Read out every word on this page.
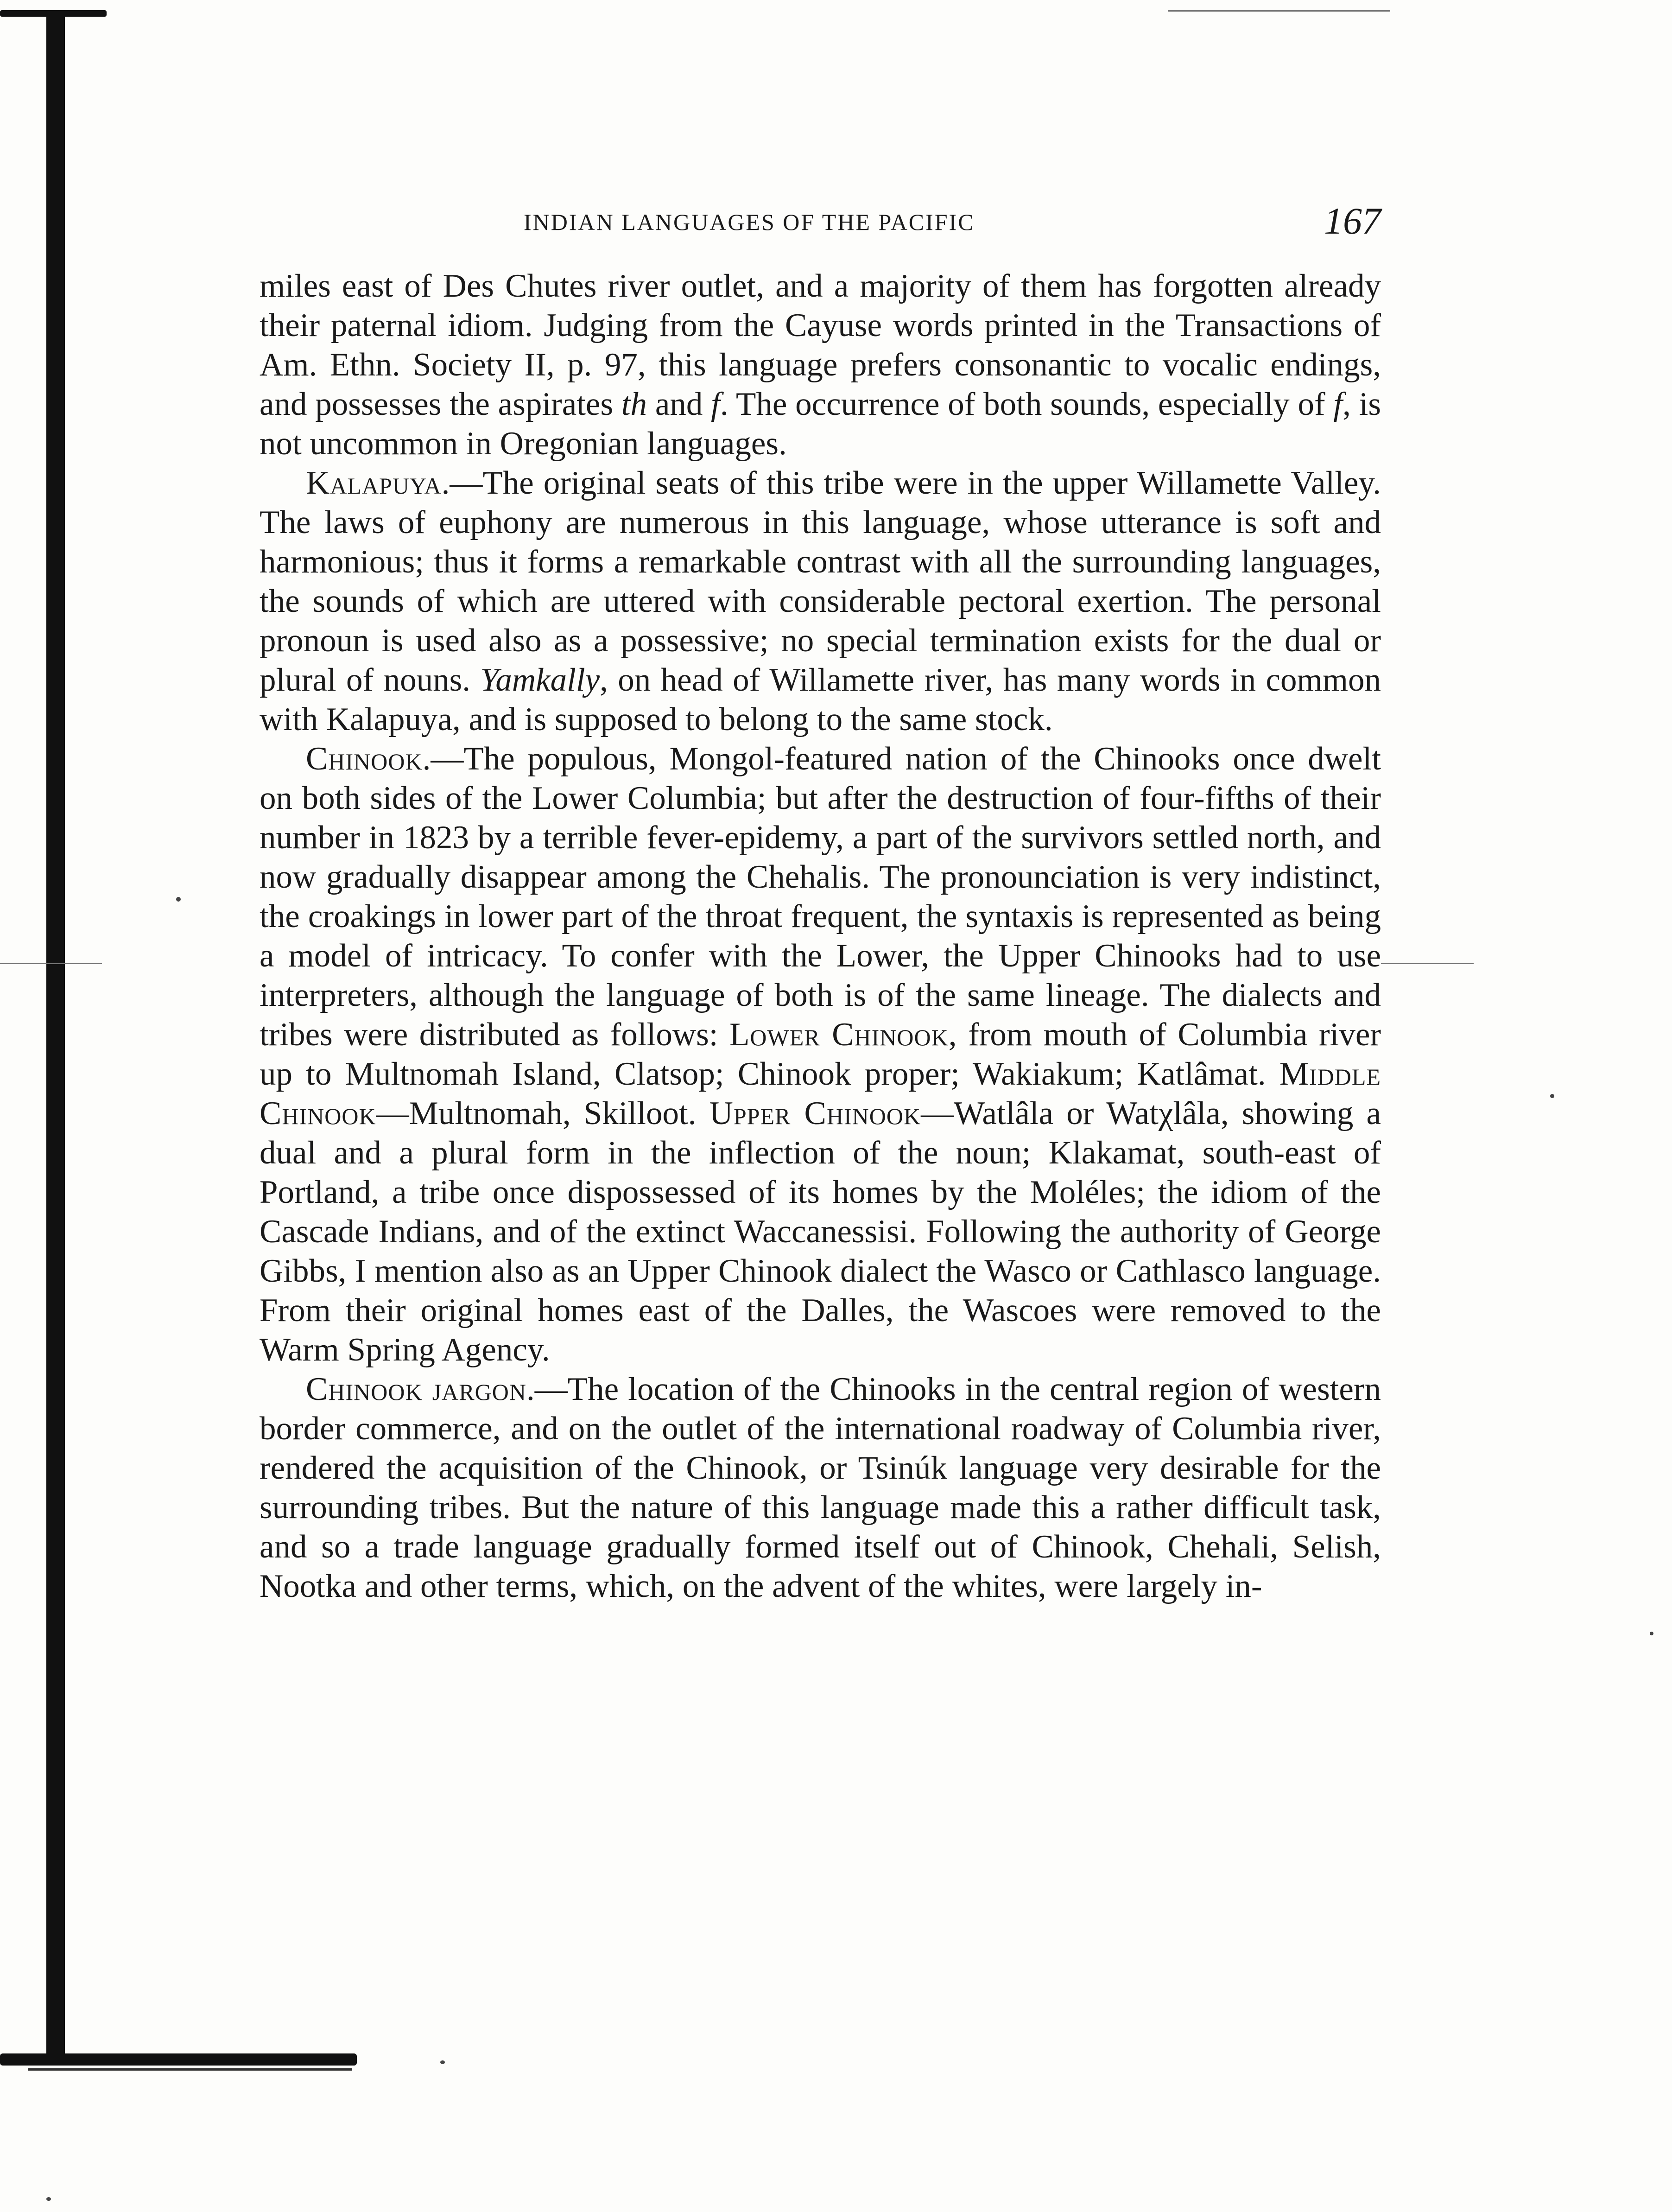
INDIAN LANGUAGES OF THE PACIFIC	167

miles east of Des Chutes river outlet, and a majority of them has forgotten already their paternal idiom. Judging from the Cayuse words printed in the Transactions of Am. Ethn. Society II, p. 97, this language prefers consonantic to vocalic endings, and possesses the aspirates th and f. The occurrence of both sounds, especially of f, is not uncommon in Oregonian languages.

Kalapuya.—The original seats of this tribe were in the upper Willamette Valley. The laws of euphony are numerous in this language, whose utterance is soft and harmonious; thus it forms a remarkable contrast with all the surrounding languages, the sounds of which are uttered with considerable pectoral exertion. The personal pronoun is used also as a possessive; no special termination exists for the dual or plural of nouns. Yamkally, on head of Willamette river, has many words in common with Kalapuya, and is supposed to belong to the same stock.

Chinook.—The populous, Mongol-featured nation of the Chinooks once dwelt on both sides of the Lower Columbia; but after the destruction of four-fifths of their number in 1823 by a terrible fever-epidemy, a part of the survivors settled north, and now gradually disappear among the Chehalis. The pronounciation is very indistinct, the croakings in lower part of the throat frequent, the syntaxis is represented as being a model of intricacy. To confer with the Lower, the Upper Chinooks had to use interpreters, although the language of both is of the same lineage. The dialects and tribes were distributed as follows: Lower Chinook, from mouth of Columbia river up to Multnomah Island, Clatsop; Chinook proper; Wakiakum; Katlâmat. Middle Chinook—Multnomah, Skilloot. Upper Chinook—Watlâla or Watχlâla, showing a dual and a plural form in the inflection of the noun; Klakamat, south-east of Portland, a tribe once dispossessed of its homes by the Moléles; the idiom of the Cascade Indians, and of the extinct Waccanessisi. Following the authority of George Gibbs, I mention also as an Upper Chinook dialect the Wasco or Cathlasco language. From their original homes east of the Dalles, the Wascoes were removed to the Warm Spring Agency.

Chinook jargon.—The location of the Chinooks in the central region of western border commerce, and on the outlet of the international roadway of Columbia river, rendered the acquisition of the Chinook, or Tsinúk language very desirable for the surrounding tribes. But the nature of this language made this a rather difficult task, and so a trade language gradually formed itself out of Chinook, Chehali, Selish, Nootka and other terms, which, on the advent of the whites, were largely in-
